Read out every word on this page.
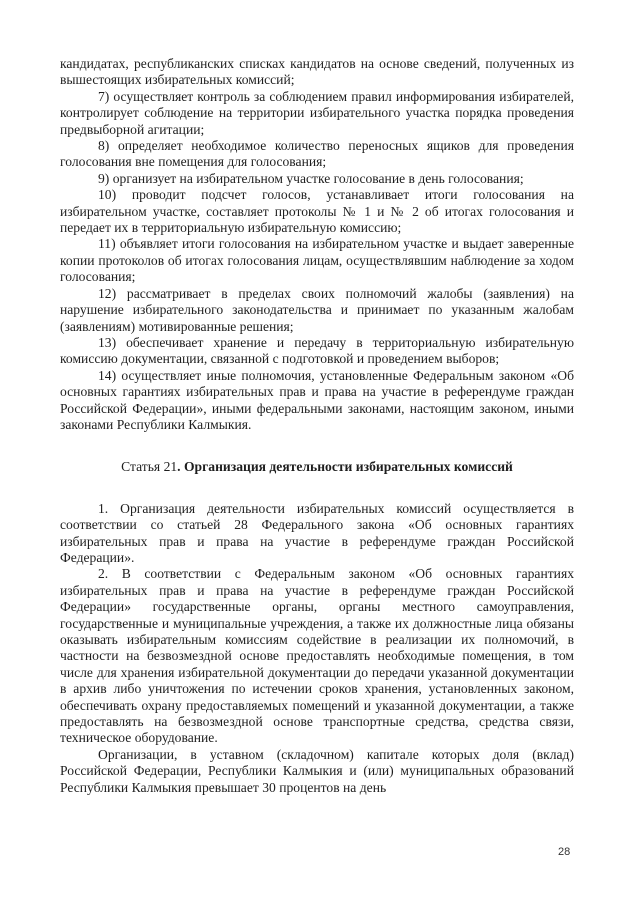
кандидатах, республиканских списках кандидатов на основе сведений, полученных из вышестоящих избирательных комиссий;

7) осуществляет контроль за соблюдением правил информирования избирателей, контролирует соблюдение на территории избирательного участка порядка проведения предвыборной агитации;

8) определяет необходимое количество переносных ящиков для проведения голосования вне помещения для голосования;

9) организует на избирательном участке голосование в день голосования;

10) проводит подсчет голосов, устанавливает итоги голосования на избирательном участке, составляет протоколы № 1 и № 2 об итогах голосования и передает их в территориальную избирательную комиссию;

11) объявляет итоги голосования на избирательном участке и выдает заверенные копии протоколов об итогах голосования лицам, осуществлявшим наблюдение за ходом голосования;

12) рассматривает в пределах своих полномочий жалобы (заявления) на нарушение избирательного законодательства и принимает по указанным жалобам (заявлениям) мотивированные решения;

13) обеспечивает хранение и передачу в территориальную избирательную комиссию документации, связанной с подготовкой и проведением выборов;

14) осуществляет иные полномочия, установленные Федеральным законом «Об основных гарантиях избирательных прав и права на участие в референдуме граждан Российской Федерации», иными федеральными законами, настоящим законом, иными законами Республики Калмыкия.

Статья 21. Организация деятельности избирательных комиссий

1. Организация деятельности избирательных комиссий осуществляется в соответствии со статьей 28 Федерального закона «Об основных гарантиях избирательных прав и права на участие в референдуме граждан Российской Федерации».

2. В соответствии с Федеральным законом «Об основных гарантиях избирательных прав и права на участие в референдуме граждан Российской Федерации» государственные органы, органы местного самоуправления, государственные и муниципальные учреждения, а также их должностные лица обязаны оказывать избирательным комиссиям содействие в реализации их полномочий, в частности на безвозмездной основе предоставлять необходимые помещения, в том числе для хранения избирательной документации до передачи указанной документации в архив либо уничтожения по истечении сроков хранения, установленных законом, обеспечивать охрану предоставляемых помещений и указанной документации, а также предоставлять на безвозмездной основе транспортные средства, средства связи, техническое оборудование.

Организации, в уставном (складочном) капитале которых доля (вклад) Российской Федерации, Республики Калмыкия и (или) муниципальных образований Республики Калмыкия превышает 30 процентов на день

28
